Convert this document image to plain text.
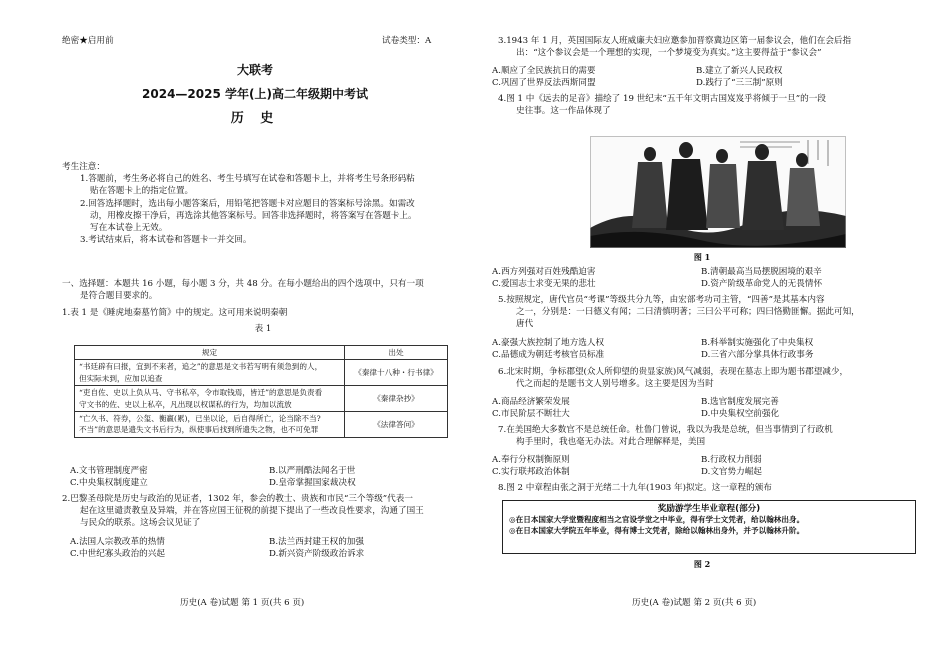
绝密★启用前	试卷类型：A
大联考
2024—2025 学年(上)高二年级期中考试
历 史
考生注意：
1.答题前，考生务必将自己的姓名、考生号填写在试卷和答题卡上，并将考生号条形码粘
贴在答题卡上的指定位置。
2.回答选择题时，选出每小题答案后，用铅笔把答题卡对应题目的答案标号涂黑。如需改
动，用橡皮擦干净后，再选涂其他答案标号。回答非选择题时，将答案写在答题卡上。
写在本试卷上无效。
3.考试结束后，将本试卷和答题卡一并交回。
一、选择题：本题共 16 小题，每小题 3 分，共 48 分。在每小题给出的四个选项中，只有一项
是符合题目要求的。
1.表 1 是《睡虎地秦墓竹简》中的规定。这可用来说明秦朝
表 1
规定	出处

“书廷辟有曰报，宜到不来者，追之”的意思是文书若写明有须急到的人，
但实际未到，应加以追查	《秦律十八种・行书律》

“吏自佐、史以上负从马、守书私卒，令市取钱焉，皆迁”的意思是负责看
守文书的佐、史以上私卒，凡出现以权谋私的行为，均加以流放	《秦律杂抄》

“亡久书、符券，公玺、衡羸(累)，已坐以论，后自得所亡，论当除不当?
不当”的意思是遗失文书后行为，纵使事后找到所遗失之物，也不可免罪	《法律答问》
A.文书管理制度严密	B.以严刑酷法闻名于世
C.中央集权制度建立	D.皇帝掌握国家裁决权
2.巴黎圣母院是历史与政治的见证者，1302 年，参会的教士、贵族和市民“三个等级”代表一
起在这里谴责教皇及异端，并在答应国王征税的前提下提出了一些改良性要求，沟通了国王
与民众的联系。这场会议见证了
A.法国人宗教改革的热情	B.法兰西封建王权的加强
C.中世纪寡头政治的兴起	D.新兴资产阶级政治诉求
历史(A 卷)试题 第 1 页(共 6 页)
3.1943 年 1 月，英国国际友人班威廉夫妇应邀参加晋察冀边区第一届参议会，他们在会后指
出：“这个参议会是一个理想的实现，一个梦境变为真实。”这主要得益于“参议会”
A.顺应了全民族抗日的需要	B.建立了新兴人民政权
C.巩固了世界反法西斯同盟	D.践行了“三三制”原则
4.图 1 中《远去的足音》描绘了 19 世纪末“五千年文明古国岌岌乎将倾于一旦”的一段
史往事。这一作品体现了
图 1
A.西方列强对百姓残酷迫害	B.清朝最高当局摆脱困境的艰辛
C.爱国志士求变无果的悲壮	D.资产阶级革命党人的无畏情怀
5.按照规定，唐代官员“考课”等级共分九等，由宏部考功司主管，“四善”是其基本内容
之一，分别是：一曰德义有闻；二曰清慎明著；三曰公平可称；四曰恪勤匪懈。据此可知，
唐代
A.豪强大族控制了地方选人权	B.科举制实施强化了中央集权
C.品德成为朝廷考核官员标准	D.三省六部分掌具体行政事务
6.北宋时期，争标郡望(众人所仰望的贵显家族)风气减弱，表现在墓志上即为题书郡望减少，
代之而起的是题书文人别号增多。这主要是因为当时
A.商品经济繁荣发展	B.选官制度发展完善
C.市民阶层不断壮大	D.中央集权空前强化
7.在美国绝大多数官不是总统任命。杜鲁门曾说，我以为我是总统，但当事情到了行政机
构手里时，我也毫无办法。对此合理解释是，美国
A.奉行分权制衡原则	B.行政权力削弱
C.实行联邦政治体制	D.文官势力崛起
8.图 2 中章程由张之洞于光绪二十九年(1903 年)拟定。这一章程的颁布
奖励游学生毕业章程(部分)
◎在日本国家大学堂暨程度相当之官设学堂之中毕业，得有学士文凭者，给以翰林出身。
◎在日本国家大学院五年毕业，得有博士文凭者，除给以翰林出身外，并予以翰林升阶。
图 2
历史(A 卷)试题 第 2 页(共 6 页)
